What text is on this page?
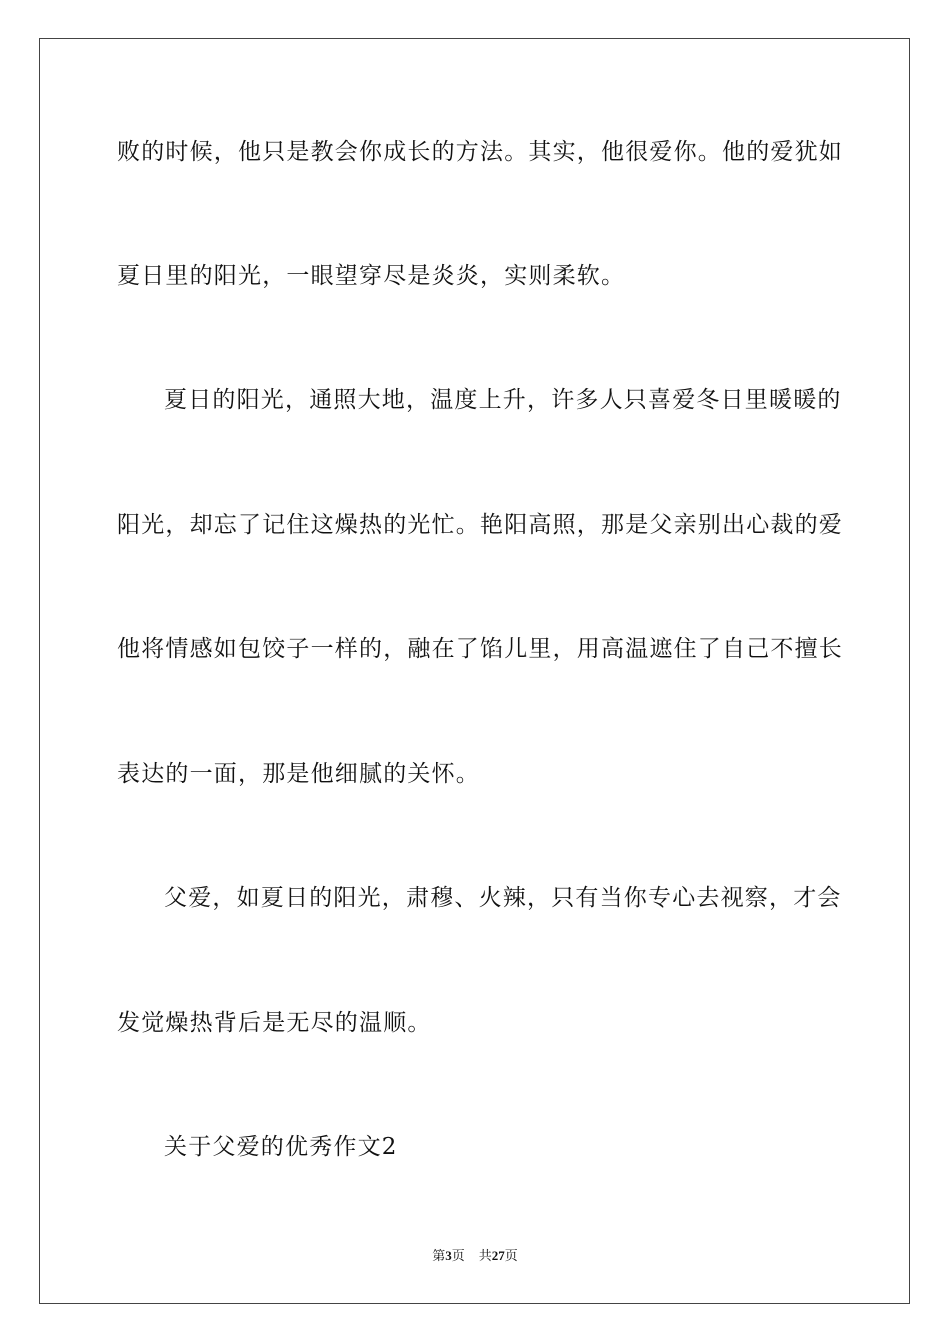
败的时候，他只是教会你成长的方法。其实，他很爱你。他的爱犹如
夏日里的阳光，一眼望穿尽是炎炎，实则柔软。
夏日的阳光，通照大地，温度上升，许多人只喜爱冬日里暖暖的
阳光，却忘了记住这燥热的光忙。艳阳高照，那是父亲别出心裁的爱
他将情感如包饺子一样的，融在了馅儿里，用高温遮住了自己不擅长
表达的一面，那是他细腻的关怀。
父爱，如夏日的阳光，肃穆、火辣，只有当你专心去视察，才会
发觉燥热背后是无尽的温顺。
关于父爱的优秀作文2
第3页 共27页
